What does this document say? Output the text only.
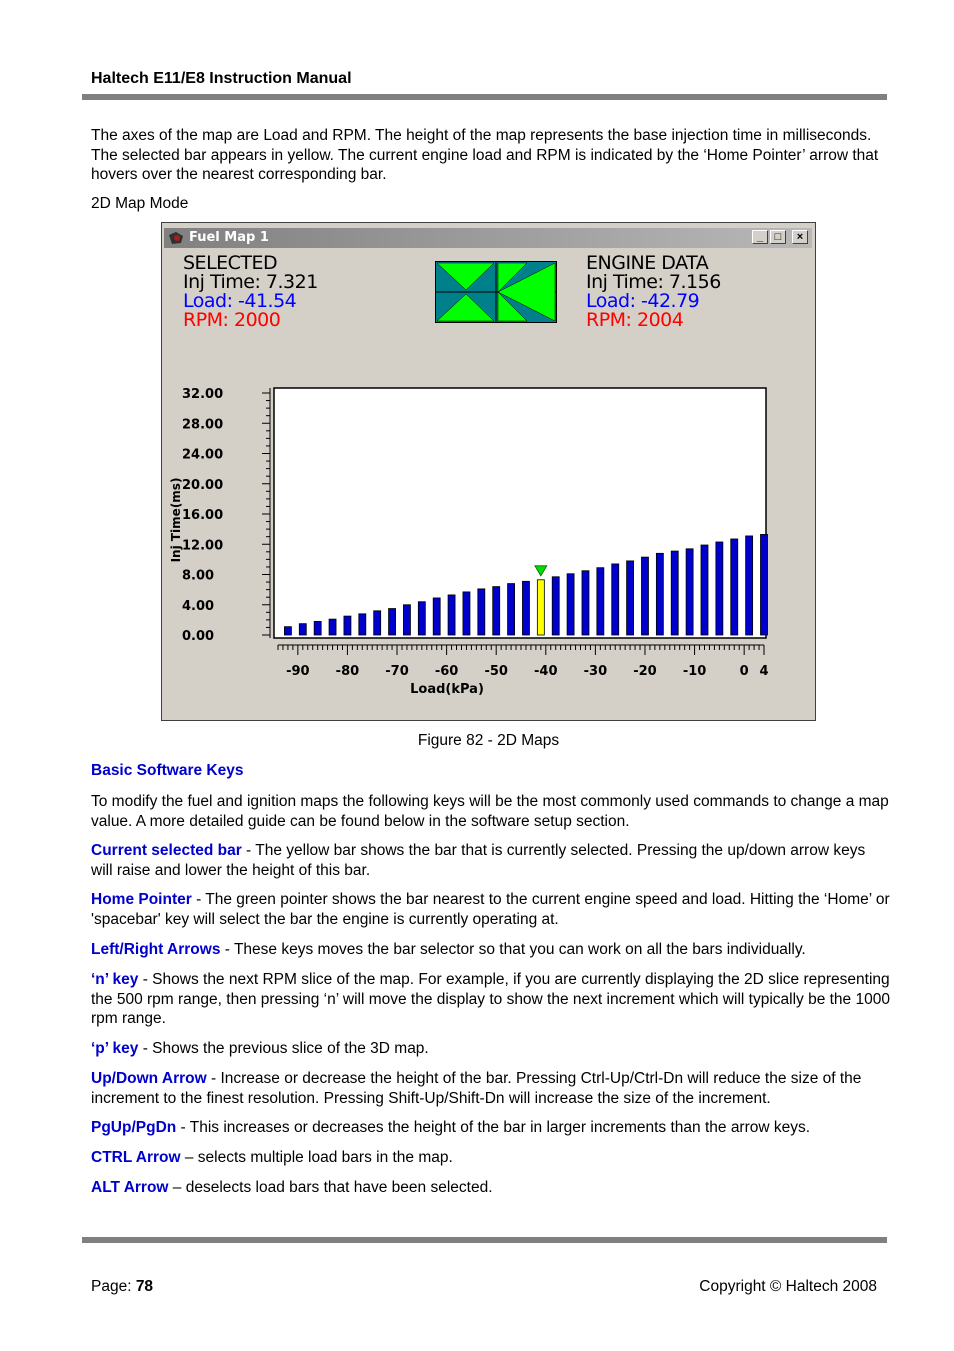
Haltech E11/E8 Instruction Manual
The axes of the map are Load and RPM. The height of the map represents the base injection time in milliseconds. The selected bar appears in yellow. The current engine load and RPM is indicated by the ‘Home Pointer’ arrow that hovers over the nearest corresponding bar.
2D Map Mode
Fuel Map 1	_	□	×
SELECTED
Inj Time: 7.321
Load: -41.54
RPM: 2000
ENGINE DATA
Inj Time: 7.156
Load: -42.79
RPM: 2004
32.00
28.00
24.00
20.00
16.00
12.00
8.00
4.00
0.00
Inj Time(ms)
-90 -80 -70 -60 -50 -40 -30 -20 -10	0 4
Load(kPa)
Figure 82 - 2D Maps
Basic Software Keys
To modify the fuel and ignition maps the following keys will be the most commonly used commands to change a map value. A more detailed guide can be found below in the software setup section.
Current selected bar - The yellow bar shows the bar that is currently selected. Pressing the up/down arrow keys will raise and lower the height of this bar.
Home Pointer - The green pointer shows the bar nearest to the current engine speed and load. Hitting the ‘Home’ or 'spacebar' key will select the bar the engine is currently operating at.
Left/Right Arrows - These keys moves the bar selector so that you can work on all the bars individually.
‘n’ key - Shows the next RPM slice of the map. For example, if you are currently displaying the 2D slice representing the 500 rpm range, then pressing ‘n’ will move the display to show the next increment which will typically be the 1000 rpm range.
‘p’ key - Shows the previous slice of the 3D map.
Up/Down Arrow - Increase or decrease the height of the bar. Pressing Ctrl-Up/Ctrl-Dn will reduce the size of the increment to the finest resolution. Pressing Shift-Up/Shift-Dn will increase the size of the increment.
PgUp/PgDn - This increases or decreases the height of the bar in larger increments than the arrow keys.
CTRL Arrow – selects multiple load bars in the map.
ALT Arrow – deselects load bars that have been selected.
Page: 78	Copyright © Haltech 2008
